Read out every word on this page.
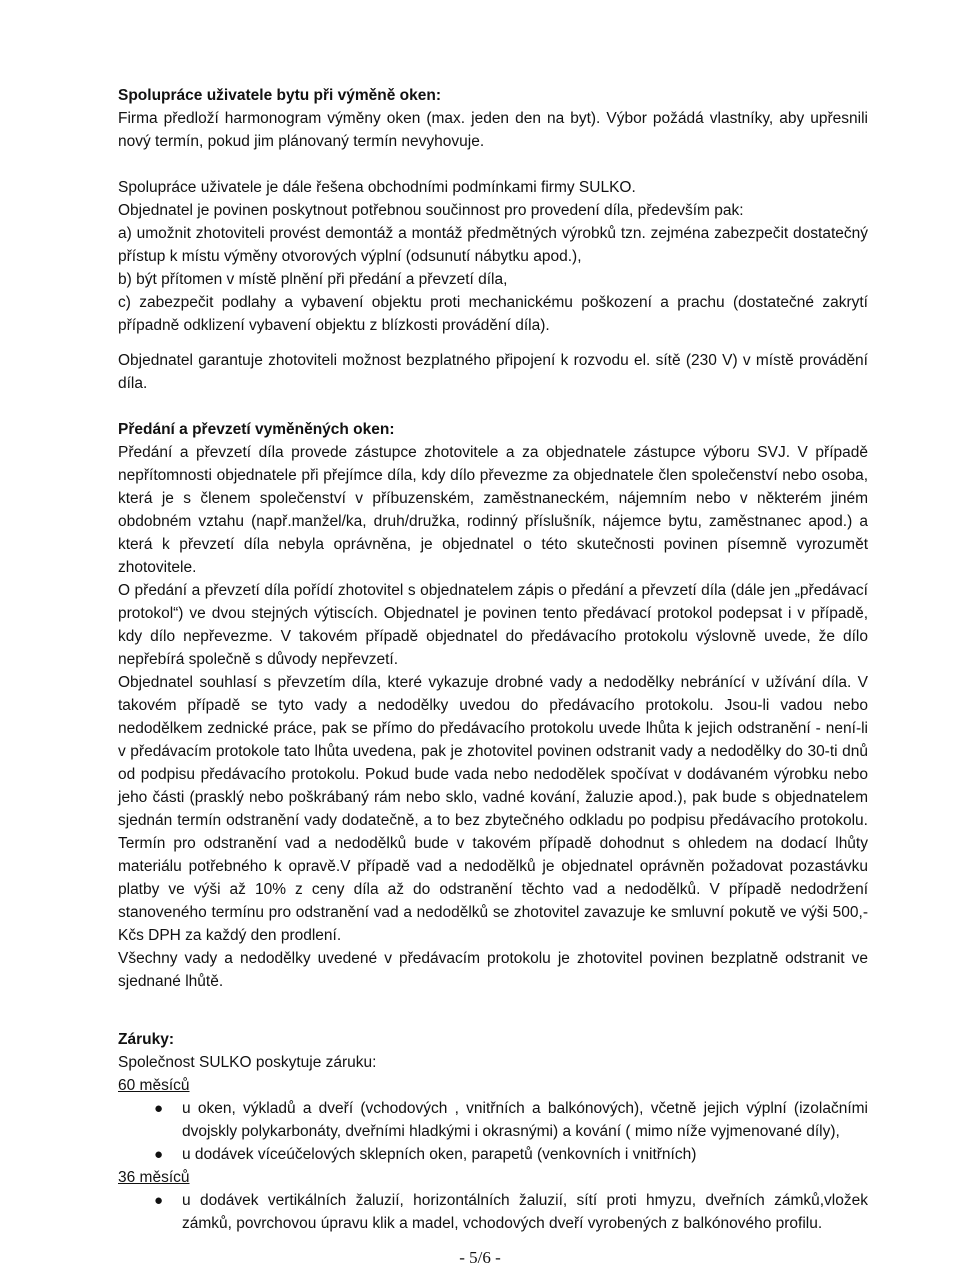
Spolupráce uživatele bytu při výměně oken:

Firma předloží harmonogram výměny oken (max. jeden den na byt). Výbor požádá vlastníky, aby upřesnili nový termín, pokud jim plánovaný termín nevyhovuje.

Spolupráce uživatele je dále řešena obchodními podmínkami firmy SULKO.

Objednatel je povinen poskytnout potřebnou součinnost pro provedení díla, především pak:

a) umožnit zhotoviteli provést demontáž a montáž předmětných výrobků tzn. zejména zabezpečit dostatečný přístup k místu výměny otvorových výplní (odsunutí nábytku apod.),

b) být přítomen v místě plnění při předání a převzetí díla,

c) zabezpečit podlahy a vybavení objektu proti mechanickému poškození a prachu (dostatečné zakrytí případně odklizení vybavení objektu z blízkosti provádění díla).

Objednatel garantuje zhotoviteli možnost bezplatného připojení k rozvodu el. sítě (230 V) v místě provádění díla.

Předání a převzetí vyměněných oken:

Předání a převzetí díla provede zástupce zhotovitele a za objednatele zástupce výboru SVJ. V případě nepřítomnosti objednatele při přejímce díla, kdy dílo převezme za objednatele člen společenství nebo osoba, která je s členem společenství v příbuzenském, zaměstnaneckém, nájemním nebo v některém jiném obdobném vztahu (např.manžel/ka, druh/družka, rodinný příslušník, nájemce bytu, zaměstnanec apod.) a která k převzetí díla nebyla oprávněna, je objednatel o této skutečnosti povinen písemně vyrozumět zhotovitele.

O předání a převzetí díla pořídí zhotovitel s objednatelem zápis o předání a převzetí díla (dále jen „předávací protokol“) ve dvou stejných výtiscích. Objednatel je povinen tento předávací protokol podepsat i v případě, kdy dílo nepřevezme. V takovém případě objednatel do předávacího protokolu výslovně uvede, že dílo nepřebírá společně s důvody nepřevzetí.

Objednatel souhlasí s převzetím díla, které vykazuje drobné vady a nedodělky nebránící v užívání díla. V takovém případě se tyto vady a nedodělky uvedou do předávacího protokolu. Jsou-li vadou nebo nedodělkem zednické práce, pak se přímo do předávacího protokolu uvede lhůta k jejich odstranění - není-li v předávacím protokole tato lhůta uvedena, pak je zhotovitel povinen odstranit vady a nedodělky do 30-ti dnů od podpisu předávacího protokolu. Pokud bude vada nebo nedodělek spočívat v dodávaném výrobku nebo jeho části (prasklý nebo poškrábaný rám nebo sklo, vadné kování, žaluzie apod.), pak bude s objednatelem sjednán termín odstranění vady dodatečně, a to bez zbytečného odkladu po podpisu předávacího protokolu. Termín pro odstranění vad a nedodělků bude v takovém případě dohodnut s ohledem na dodací lhůty materiálu potřebného k opravě.V případě vad a nedodělků je objednatel oprávněn požadovat pozastávku platby ve výši až 10% z ceny díla až do odstranění těchto vad a nedodělků. V případě nedodržení stanoveného termínu pro odstranění vad a nedodělků se zhotovitel zavazuje ke smluvní pokutě ve výši 500,-Kčs DPH za každý den prodlení.

Všechny vady a nedodělky uvedené v předávacím protokolu je zhotovitel povinen bezplatně odstranit ve sjednané lhůtě.

Záruky:

Společnost SULKO poskytuje záruku:

60 měsíců

● u oken, výkladů a dveří (vchodových , vnitřních a balkónových), včetně jejich výplní (izolačními dvojskly polykarbonáty, dveřními hladkými i okrasnými) a kování ( mimo níže vyjmenované díly),
● u dodávek víceúčelových sklepních oken, parapetů (venkovních i vnitřních)

36 měsíců

● u dodávek vertikálních žaluzií, horizontálních žaluzií, sítí proti hmyzu, dveřních zámků,vložek zámků, povrchovou úpravu klik a madel, vchodových dveří vyrobených z balkónového profilu.
- 5/6 -
